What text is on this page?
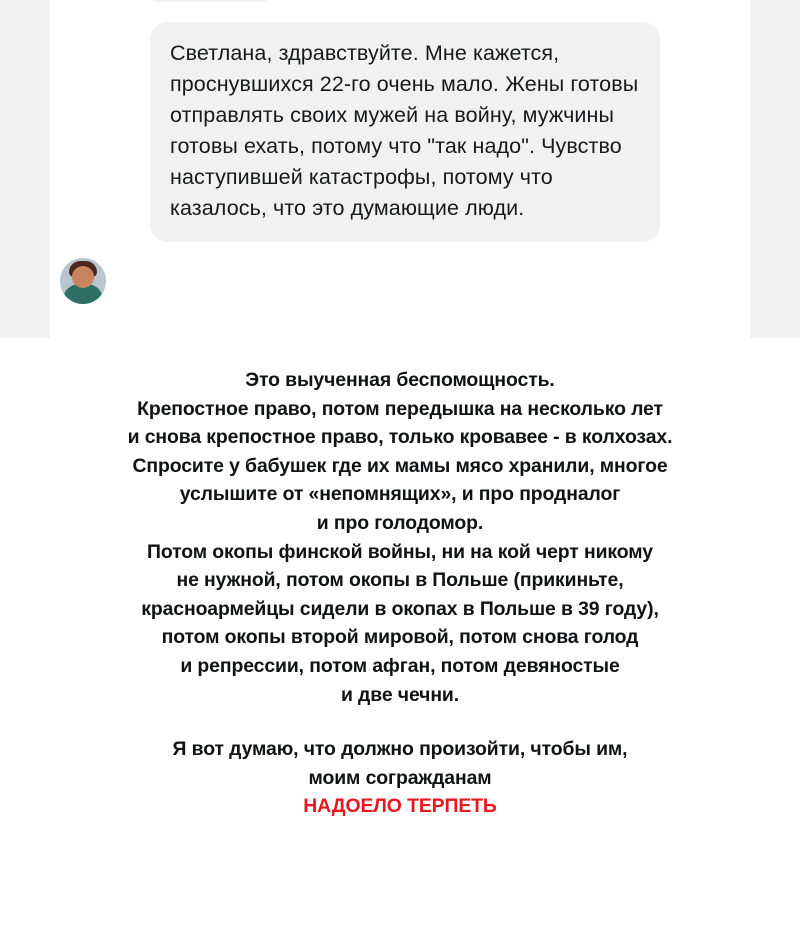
Светлана, здравствуйте. Мне кажется, проснувшихся 22-го очень мало. Жены готовы отправлять своих мужей на войну, мужчины готовы ехать, потому что "так надо". Чувство наступившей катастрофы, потому что казалось, что это думающие люди.

Это выученная беспомощность.
Крепостное право, потом передышка на несколько лет
и снова крепостное право, только кровавее - в колхозах.
Спросите у бабушек где их мамы мясо хранили, многое
услышите от «непомнящих», и про продналог
и про голодомор.
Потом окопы финской войны, ни на кой черт никому
не нужной, потом окопы в Польше (прикиньте,
красноармейцы сидели в окопах в Польше в 39 году),
потом окопы второй мировой, потом снова голод
и репрессии, потом афган, потом девяностые
и две чечни.
Я вот думаю, что должно произойти, чтобы им,
моим согражданам
НАДОЕЛО ТЕРПЕТЬ
